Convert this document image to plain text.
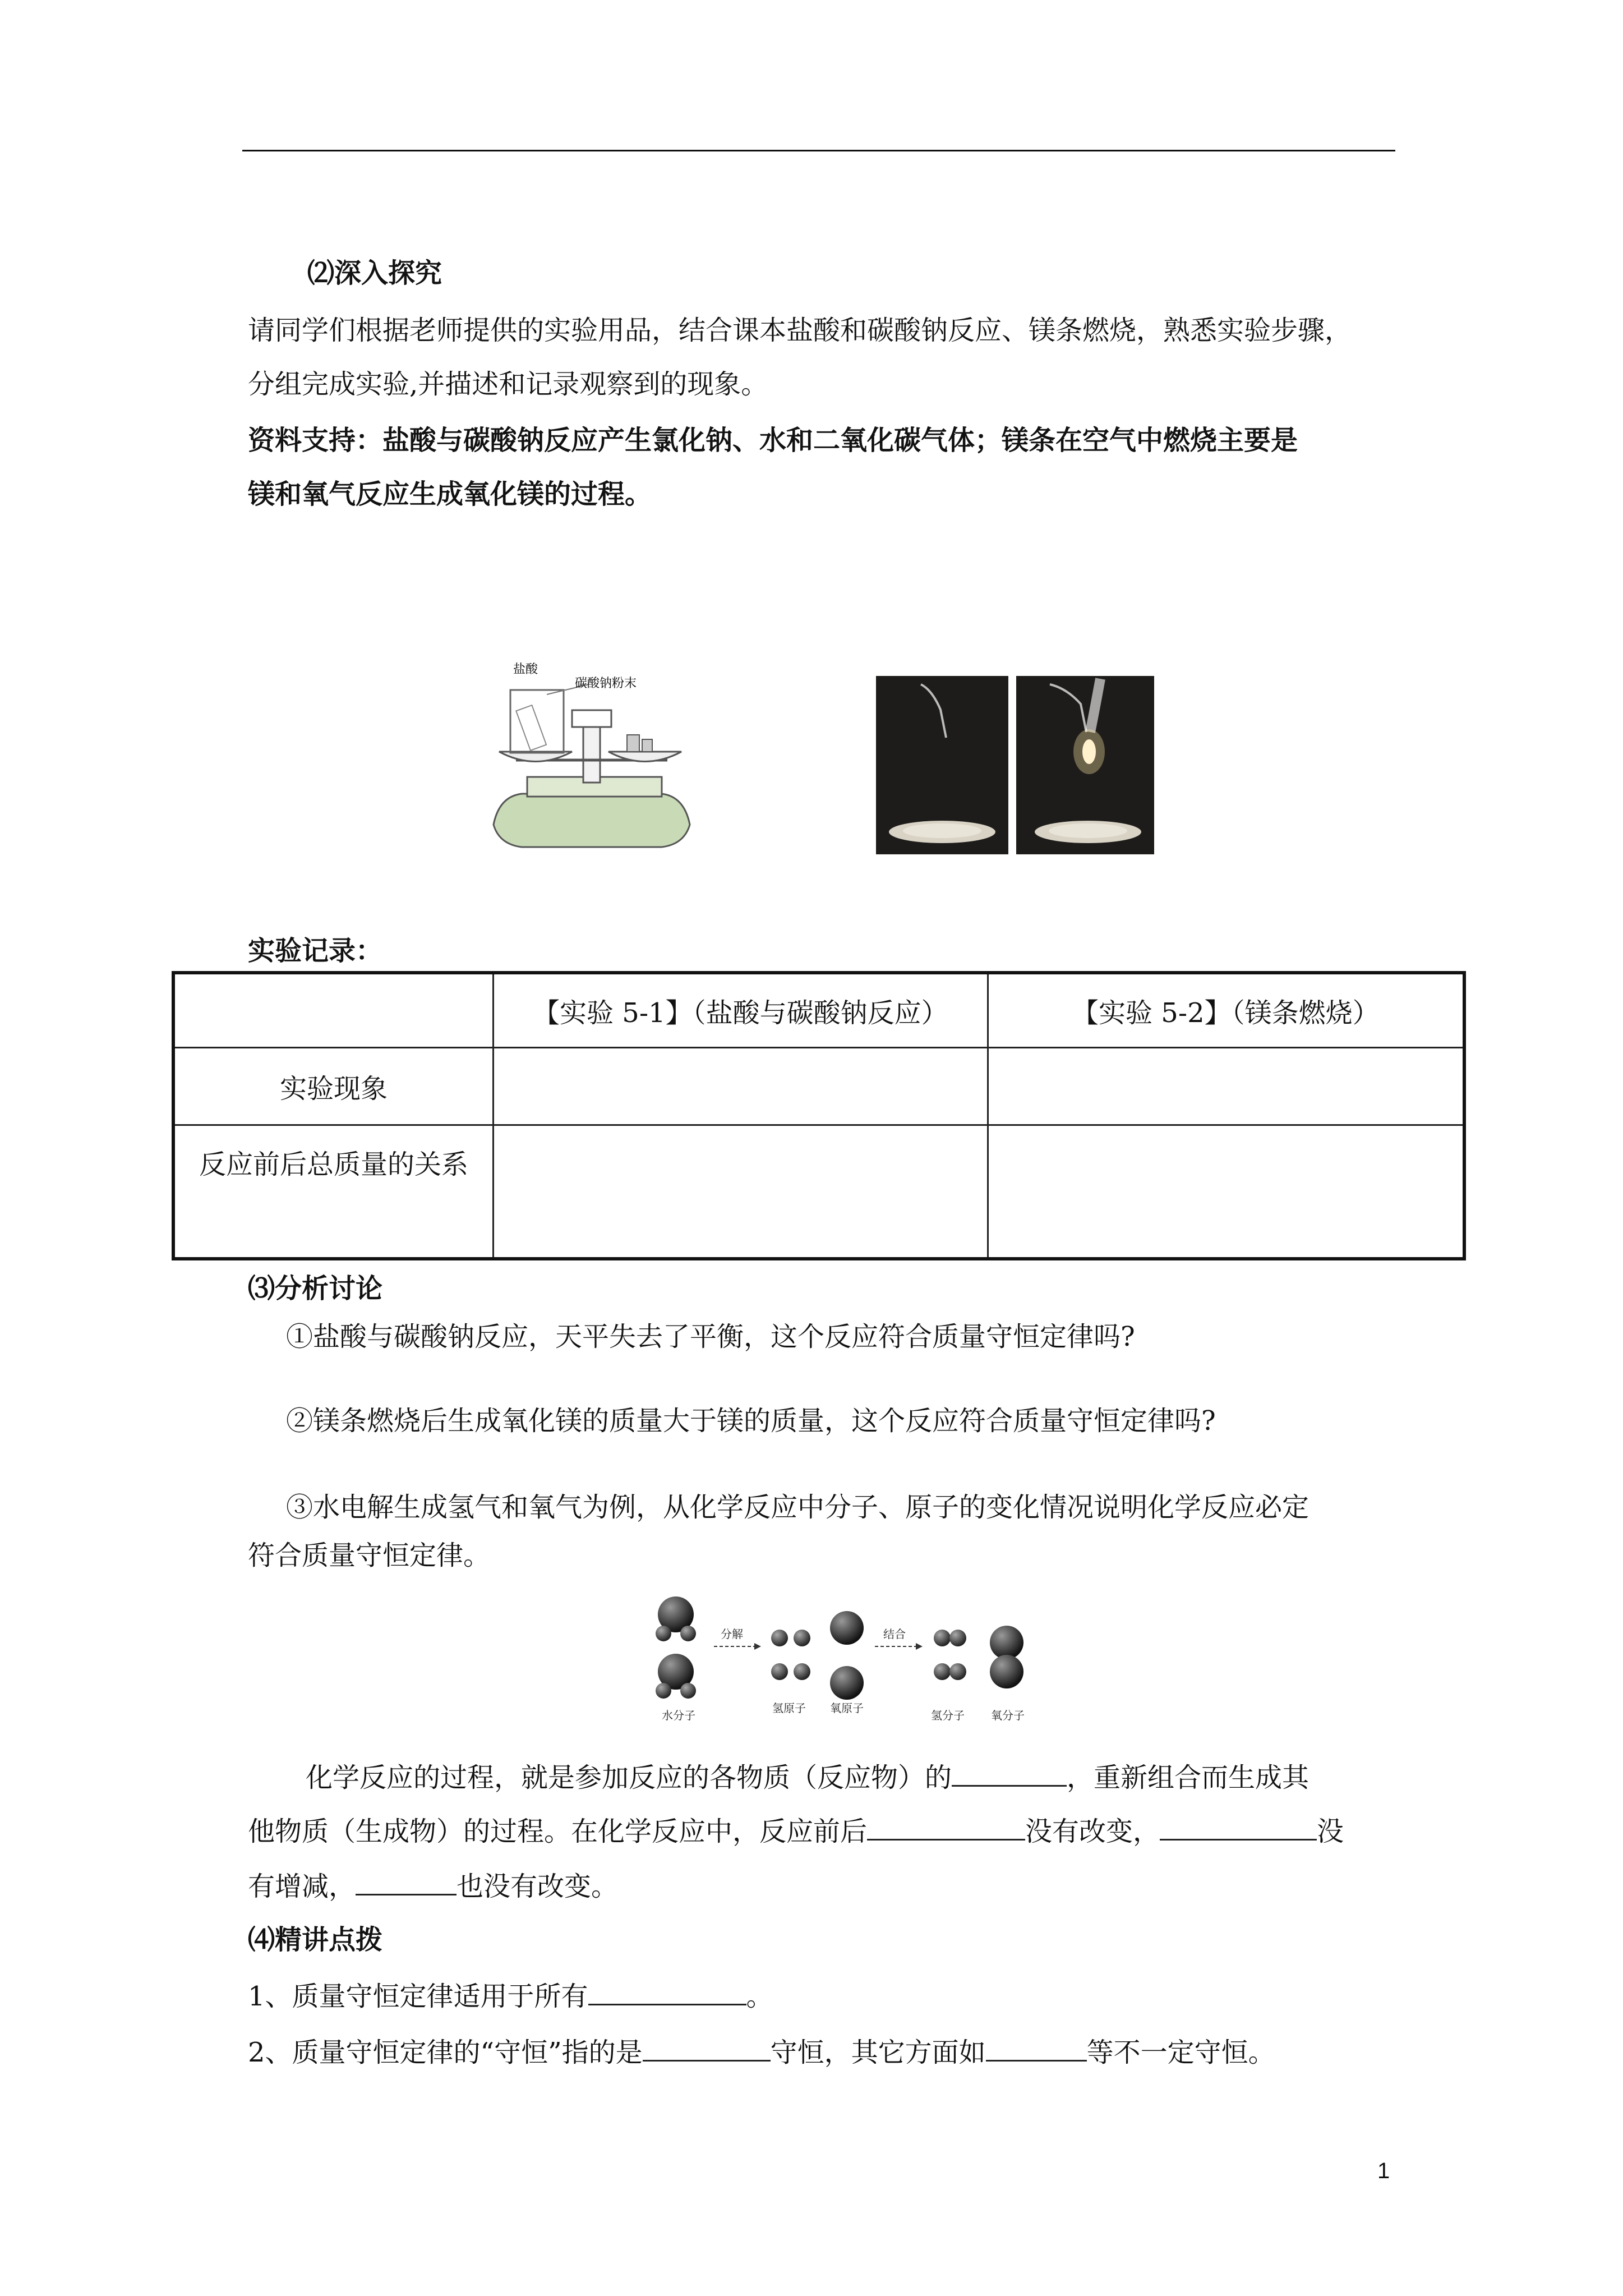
⑵深入探究
请同学们根据老师提供的实验用品，结合课本盐酸和碳酸钠反应、镁条燃烧，熟悉实验步骤，
分组完成实验,并描述和记录观察到的现象。
资料支持：盐酸与碳酸钠反应产生氯化钠、水和二氧化碳气体；镁条在空气中燃烧主要是
镁和氧气反应生成氧化镁的过程。
盐酸
碳酸钠粉末
实验记录：
	【实验 5-1】（盐酸与碳酸钠反应）	【实验 5-2】（镁条燃烧）
实验现象		
反应前后总质量的关系		
⑶分析讨论
①盐酸与碳酸钠反应，天平失去了平衡，这个反应符合质量守恒定律吗?
②镁条燃烧后生成氧化镁的质量大于镁的质量，这个反应符合质量守恒定律吗?
③水电解生成氢气和氧气为例，从化学反应中分子、原子的变化情况说明化学反应必定
符合质量守恒定律。
分解	结合
水分子
氢原子 氧原子
氢分子 氧分子
化学反应的过程，就是参加反应的各物质（反应物）的	，重新组合而生成其
他物质（生成物）的过程。在化学反应中，反应前后	没有改变，	没
有增减，	也没有改变。
⑷精讲点拨
1、质量守恒定律适用于所有	。
2、质量守恒定律的“守恒”指的是	守恒，其它方面如	等不一定守恒。
1
